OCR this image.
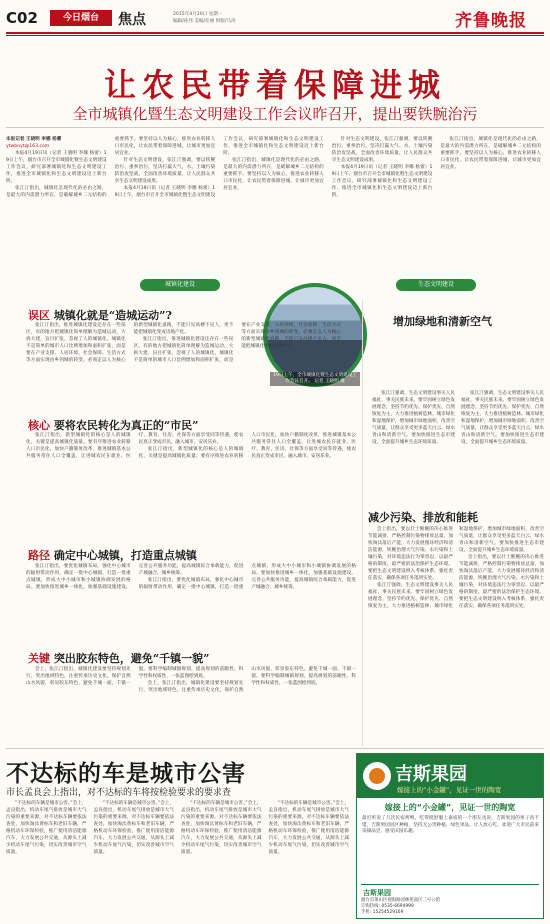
C02	今日烟台	焦点	2015年4月20日 星期一
编辑/孙伟 美编/任丽 组版/马涛	齐鲁晚报
让农民带着保障进城
全市城镇化暨生态文明建设工作会议昨召开，提出要铁腕治污
本报记者 王晓明 李娜 杨蕾
ytwbnyt@163.com

本报4月19日讯（记者 王晓明 李娜 杨蕾）19日上午，烟台市召开全市城镇化暨生态文明建设工作会议，研究部署城镇化和生态文明建设工作，推进全市城镇化和生态文明建设迈上新台阶。

张江汀指出，城镇化是现代化的必由之路，是最大的内需潜力所在，是破解城乡二元结构的重要抓手。要坚持以人为核心，推进农业转移人口市民化，让农民带着保障进城，让城市更加宜居宜业。

针对生态文明建设，张江汀强调，要以铁腕治污、重拳治污，坚决打赢大气、水、土壤污染防治攻坚战，全面改善环境质量，让人民群众共享生态文明建设成果。

本报4月19日讯（记者 王晓明 李娜 杨蕾）19日上午，烟台市召开全市城镇化暨生态文明建设工作会议，研究部署城镇化和生态文明建设工作，推进全市城镇化和生态文明建设迈上新台阶。

张江汀指出，城镇化是现代化的必由之路，是最大的内需潜力所在，是破解城乡二元结构的重要抓手。要坚持以人为核心，推进农业转移人口市民化，让农民带着保障进城，让城市更加宜居宜业。

针对生态文明建设，张江汀强调，要以铁腕治污、重拳治污，坚决打赢大气、水、土壤污染防治攻坚战，全面改善环境质量，让人民群众共享生态文明建设成果。

本报4月19日讯（记者 王晓明 李娜 杨蕾）19日上午，烟台市召开全市城镇化暨生态文明建设工作会议，研究部署城镇化和生态文明建设工作，推进全市城镇化和生态文明建设迈上新台阶。

张江汀指出，城镇化是现代化的必由之路，是最大的内需潜力所在，是破解城乡二元结构的重要抓手。要坚持以人为核心，推进农业转移人口市民化，让农民带着保障进城，让城市更加宜居宜业。

城镇化建设	生态文明建设
19日上午，全市城镇化暨生态文明建设工作会议召开。 记者 王晓明 摄
误区 城镇化就是“造城运动”?

张江汀指出，推进城镇化建设还存在一些误区，有的地方把城镇化简单理解为造城运动，大拆大建，盲目扩张，忽视了人的城镇化。城镇化不是简单的城市人口比例增加和面积扩张，而是要在产业支撑、人居环境、社会保障、生活方式等方面实现由乡到城的转变。必须走以人为核心的新型城镇化道路，不能只见高楼不见人，更不能把城镇化变成房地产化。

张江汀指出，推进城镇化建设还存在一些误区，有的地方把城镇化简单理解为造城运动，大拆大建，盲目扩张，忽视了人的城镇化。城镇化不是简单的城市人口比例增加和面积扩张，而是要在产业支撑、人居环境、社会保障、生活方式等方面实现由乡到城的转变。必须走以人为核心的新型城镇化道路，不能只见高楼不见人，更不能把城镇化变成房地产化。

核心 要将农民转化为真正的“市民”

张江汀指出，新型城镇化的核心是人的城镇化，关键是提高城镇化质量。要有序推进农业转移人口市民化，加快户籍制度改革，推进城镇基本公共服务常住人口全覆盖，让进城农民在就业、医疗、教育、住房、社保等方面享受同等待遇，使农民真正变成市民，融入城市、安居乐业。

张江汀指出，新型城镇化的核心是人的城镇化，关键是提高城镇化质量。要有序推进农业转移人口市民化，加快户籍制度改革，推进城镇基本公共服务常住人口全覆盖，让进城农民在就业、医疗、教育、住房、社保等方面享受同等待遇，使农民真正变成市民，融入城市、安居乐业。

路径 确定中心城镇，打造重点城镇

张江汀指出，要优化城镇布局，强化中心城市的辐射带动作用，确定一批中心城镇，打造一批重点城镇，形成大中小城市和小城镇协调发展的格局。要加快推进城乡一体化，加强基础设施建设，完善公共服务功能，提高城镇综合承载能力，促进产城融合、城乡统筹。

张江汀指出，要优化城镇布局，强化中心城市的辐射带动作用，确定一批中心城镇，打造一批重点城镇，形成大中小城市和小城镇协调发展的格局。要加快推进城乡一体化，加强基础设施建设，完善公共服务功能，提高城镇综合承载能力，促进产城融合、城乡统筹。

关键 突出胶东特色，避免“千镇一貌”

会上，张江汀指出，城镇化建设要坚持规划先行，突出地域特色，注重传承历史文化，保护自然山水风貌，彰显胶东特色，避免千城一面、千镇一貌。要科学编制城镇规划，提高规划的前瞻性、科学性和权威性，一张蓝图绘到底。

会上，张江汀指出，城镇化建设要坚持规划先行，突出地域特色，注重传承历史文化，保护自然山水风貌，彰显胶东特色，避免千城一面、千镇一貌。要科学编制城镇规划，提高规划的前瞻性、科学性和权威性，一张蓝图绘到底。

增加绿地和清新空气

张江汀强调，生态文明建设事关人民福祉，事关民族未来。要牢固树立绿色发展理念，坚持节约优先、保护优先、自然恢复为主，大力推进植树造林、城市绿化和湿地保护，增加城市绿地面积，改善空气质量，让群众享受更多蓝天白云、绿水青山和清新空气。要加快推进生态市建设，全面提升城乡生态环境质量。

张江汀强调，生态文明建设事关人民福祉，事关民族未来。要牢固树立绿色发展理念，坚持节约优先、保护优先、自然恢复为主，大力推进植树造林、城市绿化和湿地保护，增加城市绿地面积，改善空气质量，让群众享受更多蓝天白云、绿水青山和清新空气。要加快推进生态市建设，全面提升城乡生态环境质量。

减少污染、排放和能耗

会上指出，要以壮士断腕的决心推进节能减排，严格控制污染物排放总量，加快淘汰落后产能，大力发展循环经济和清洁能源，铁腕治理大气污染、水污染和土壤污染，对环境违法行为零容忍，以最严格的制度、最严密的法治保护生态环境。要把生态文明建设纳入考核体系，强化责任落实，确保各项任务落到实处。

张江汀强调，生态文明建设事关人民福祉，事关民族未来。要牢固树立绿色发展理念，坚持节约优先、保护优先、自然恢复为主，大力推进植树造林、城市绿化和湿地保护，增加城市绿地面积，改善空气质量，让群众享受更多蓝天白云、绿水青山和清新空气。要加快推进生态市建设，全面提升城乡生态环境质量。

会上指出，要以壮士断腕的决心推进节能减排，严格控制污染物排放总量，加快淘汰落后产能，大力发展循环经济和清洁能源，铁腕治理大气污染、水污染和土壤污染，对环境违法行为零容忍，以最严格的制度、最严密的法治保护生态环境。要把生态文明建设纳入考核体系，强化责任落实，确保各项任务落到实处。

不达标的车是城市公害
市长孟良会上指出，对不达标的车将按检验要求的要求查

“不达标的车辆是城市公害。”会上，孟良指出，机动车尾气排放是城市大气污染的重要来源，对不达标车辆要依法查处，加快淘汰黄标车和老旧车辆，严格机动车环保检验，推广使用清洁能源汽车，大力发展公共交通，从源头上减少机动车尾气污染，切实改善城市空气质量。

“不达标的车辆是城市公害。”会上，孟良指出，机动车尾气排放是城市大气污染的重要来源，对不达标车辆要依法查处，加快淘汰黄标车和老旧车辆，严格机动车环保检验，推广使用清洁能源汽车，大力发展公共交通，从源头上减少机动车尾气污染，切实改善城市空气质量。

“不达标的车辆是城市公害。”会上，孟良指出，机动车尾气排放是城市大气污染的重要来源，对不达标车辆要依法查处，加快淘汰黄标车和老旧车辆，严格机动车环保检验，推广使用清洁能源汽车，大力发展公共交通，从源头上减少机动车尾气污染，切实改善城市空气质量。

“不达标的车辆是城市公害。”会上，孟良指出，机动车尾气排放是城市大气污染的重要来源，对不达标车辆要依法查处，加快淘汰黄标车和老旧车辆，严格机动车环保检验，推广使用清洁能源汽车，大力发展公共交通，从源头上减少机动车尾气污染，切实改善城市空气质量。

吉斯果园
嫁接上的“小金罐”，见证一世的陶宽
嫁接上的“小金罐”，见证一世的陶宽
最近听说了几次民宿烤鸭，吃得挺舒服上嘉宿的一个朋友也说，吉斯果园的果子真不错。吉斯果园园区种植，坚持无公害种植，绿色果品，让人放心吃。欢迎广大市民前来采摘品尝，感受田园乐趣。
吉斯果园
烟台市莱山区观海路园林苑南区二号公馆
订购热线: 0535-6694999
手机: 15254529169
